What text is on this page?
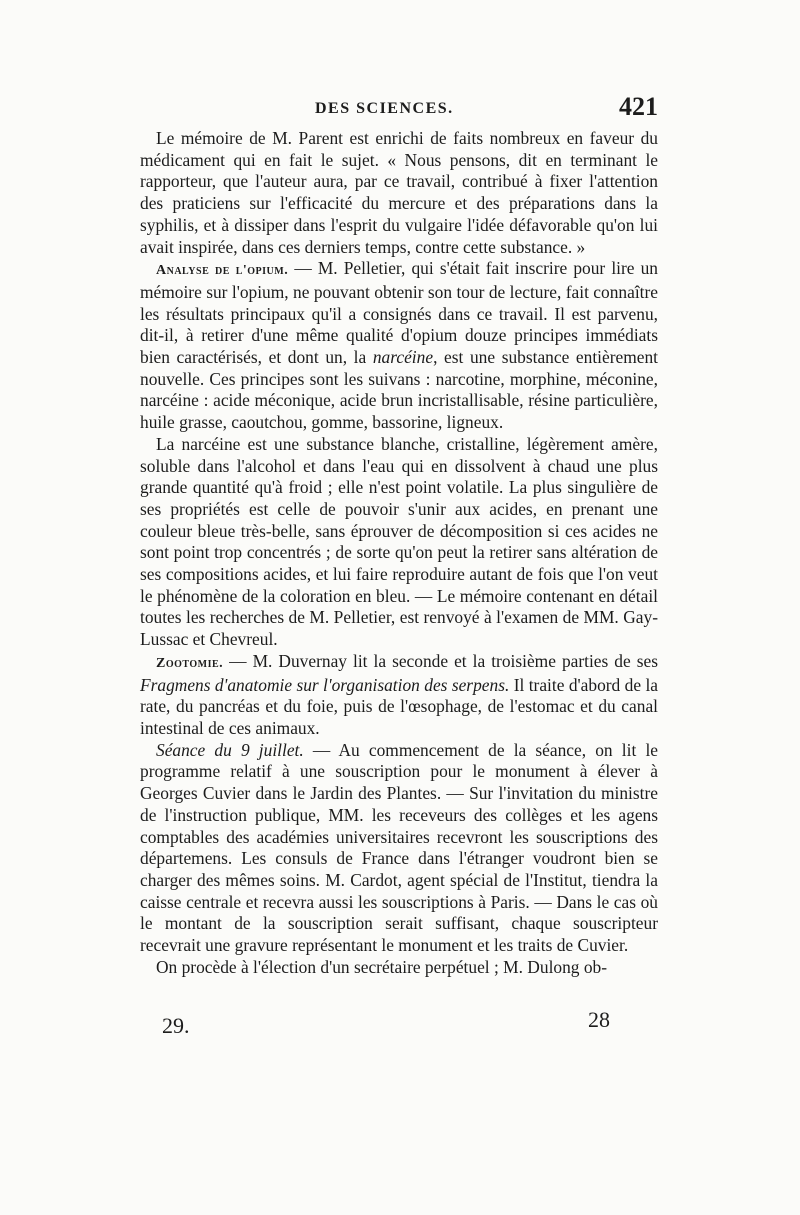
DES SCIENCES.	421

Le mémoire de M. Parent est enrichi de faits nombreux en faveur du médicament qui en fait le sujet. « Nous pensons, dit en terminant le rapporteur, que l'auteur aura, par ce travail, contribué à fixer l'attention des praticiens sur l'efficacité du mercure et des préparations dans la syphilis, et à dissiper dans l'esprit du vulgaire l'idée défavorable qu'on lui avait inspirée, dans ces derniers temps, contre cette substance. »

Analyse de l'opium. — M. Pelletier, qui s'était fait inscrire pour lire un mémoire sur l'opium, ne pouvant obtenir son tour de lecture, fait connaître les résultats principaux qu'il a consignés dans ce travail. Il est parvenu, dit-il, à retirer d'une même qualité d'opium douze principes immédiats bien caractérisés, et dont un, la narcéine, est une substance entièrement nouvelle. Ces principes sont les suivans : narcotine, morphine, méconine, narcéine : acide méconique, acide brun incristallisable, résine particulière, huile grasse, caoutchou, gomme, bassorine, ligneux.

La narcéine est une substance blanche, cristalline, légèrement amère, soluble dans l'alcohol et dans l'eau qui en dissolvent à chaud une plus grande quantité qu'à froid ; elle n'est point volatile. La plus singulière de ses propriétés est celle de pouvoir s'unir aux acides, en prenant une couleur bleue très-belle, sans éprouver de décomposition si ces acides ne sont point trop concentrés ; de sorte qu'on peut la retirer sans altération de ses compositions acides, et lui faire reproduire autant de fois que l'on veut le phénomène de la coloration en bleu. — Le mémoire contenant en détail toutes les recherches de M. Pelletier, est renvoyé à l'examen de MM. Gay-Lussac et Chevreul.

Zootomie. — M. Duvernay lit la seconde et la troisième parties de ses Fragmens d'anatomie sur l'organisation des serpens. Il traite d'abord de la rate, du pancréas et du foie, puis de l'œsophage, de l'estomac et du canal intestinal de ces animaux.

Séance du 9 juillet. — Au commencement de la séance, on lit le programme relatif à une souscription pour le monument à élever à Georges Cuvier dans le Jardin des Plantes. — Sur l'invitation du ministre de l'instruction publique, MM. les receveurs des collèges et les agens comptables des académies universitaires recevront les souscriptions des départemens. Les consuls de France dans l'étranger voudront bien se charger des mêmes soins. M. Cardot, agent spécial de l'Institut, tiendra la caisse centrale et recevra aussi les souscriptions à Paris. — Dans le cas où le montant de la souscription serait suffisant, chaque souscripteur recevrait une gravure représentant le monument et les traits de Cuvier.

On procède à l'élection d'un secrétaire perpétuel ; M. Dulong ob-

29.	28
